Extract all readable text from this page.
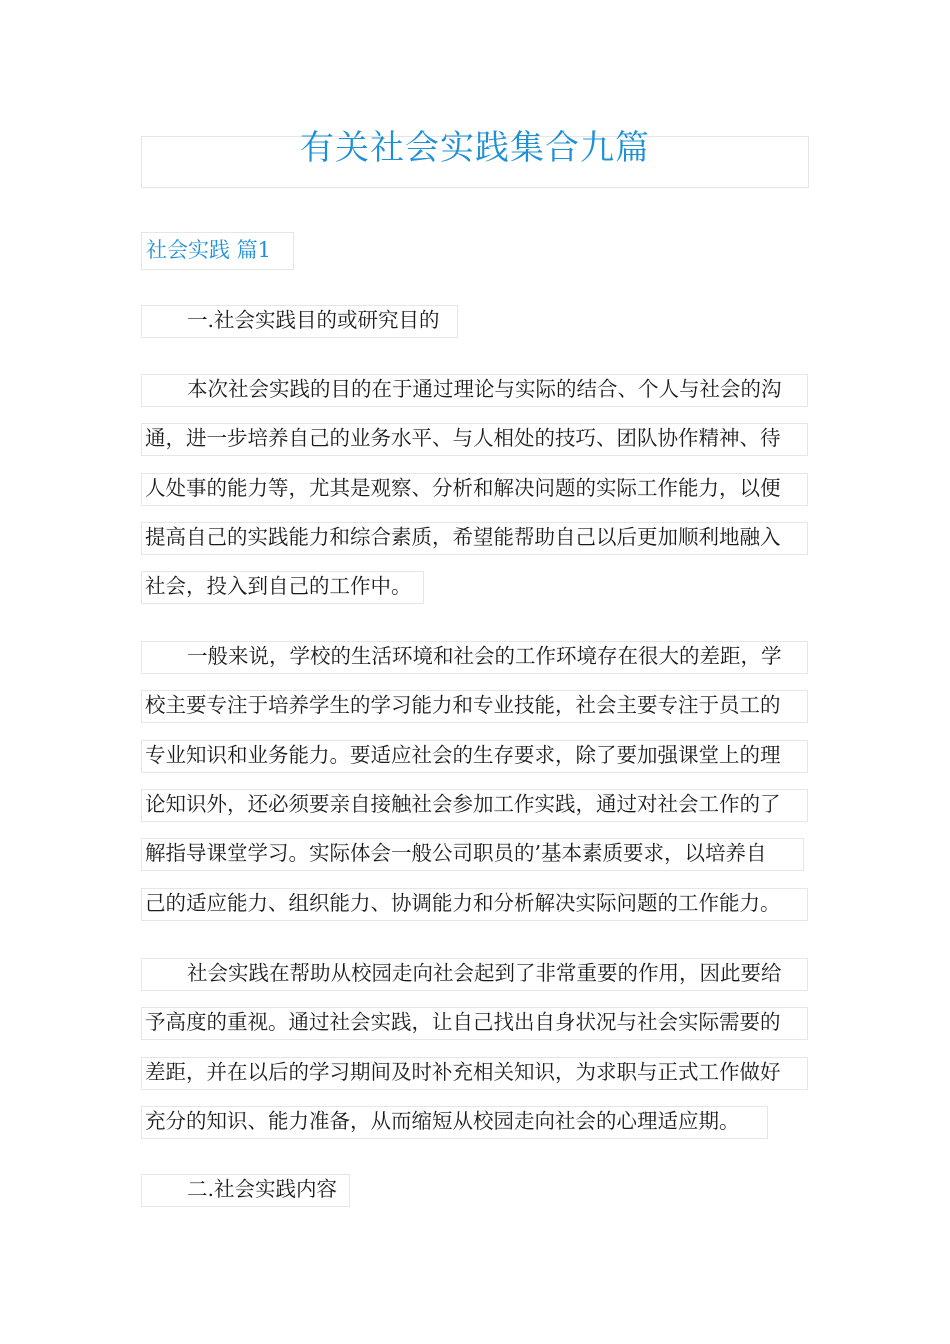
有关社会实践集合九篇
社会实践 篇1
一.社会实践目的或研究目的
本次社会实践的目的在于通过理论与实际的结合、个人与社会的沟
通，进一步培养自己的业务水平、与人相处的技巧、团队协作精神、待
人处事的能力等，尤其是观察、分析和解决问题的实际工作能力，以便
提高自己的实践能力和综合素质，希望能帮助自己以后更加顺利地融入
社会，投入到自己的工作中。
一般来说，学校的生活环境和社会的工作环境存在很大的差距，学
校主要专注于培养学生的学习能力和专业技能，社会主要专注于员工的
专业知识和业务能力。要适应社会的生存要求，除了要加强课堂上的理
论知识外，还必须要亲自接触社会参加工作实践，通过对社会工作的了
解指导课堂学习。实际体会一般公司职员的’基本素质要求，以培养自
己的适应能力、组织能力、协调能力和分析解决实际问题的工作能力。
社会实践在帮助从校园走向社会起到了非常重要的作用，因此要给
予高度的重视。通过社会实践，让自己找出自身状况与社会实际需要的
差距，并在以后的学习期间及时补充相关知识，为求职与正式工作做好
充分的知识、能力准备，从而缩短从校园走向社会的心理适应期。
二.社会实践内容
